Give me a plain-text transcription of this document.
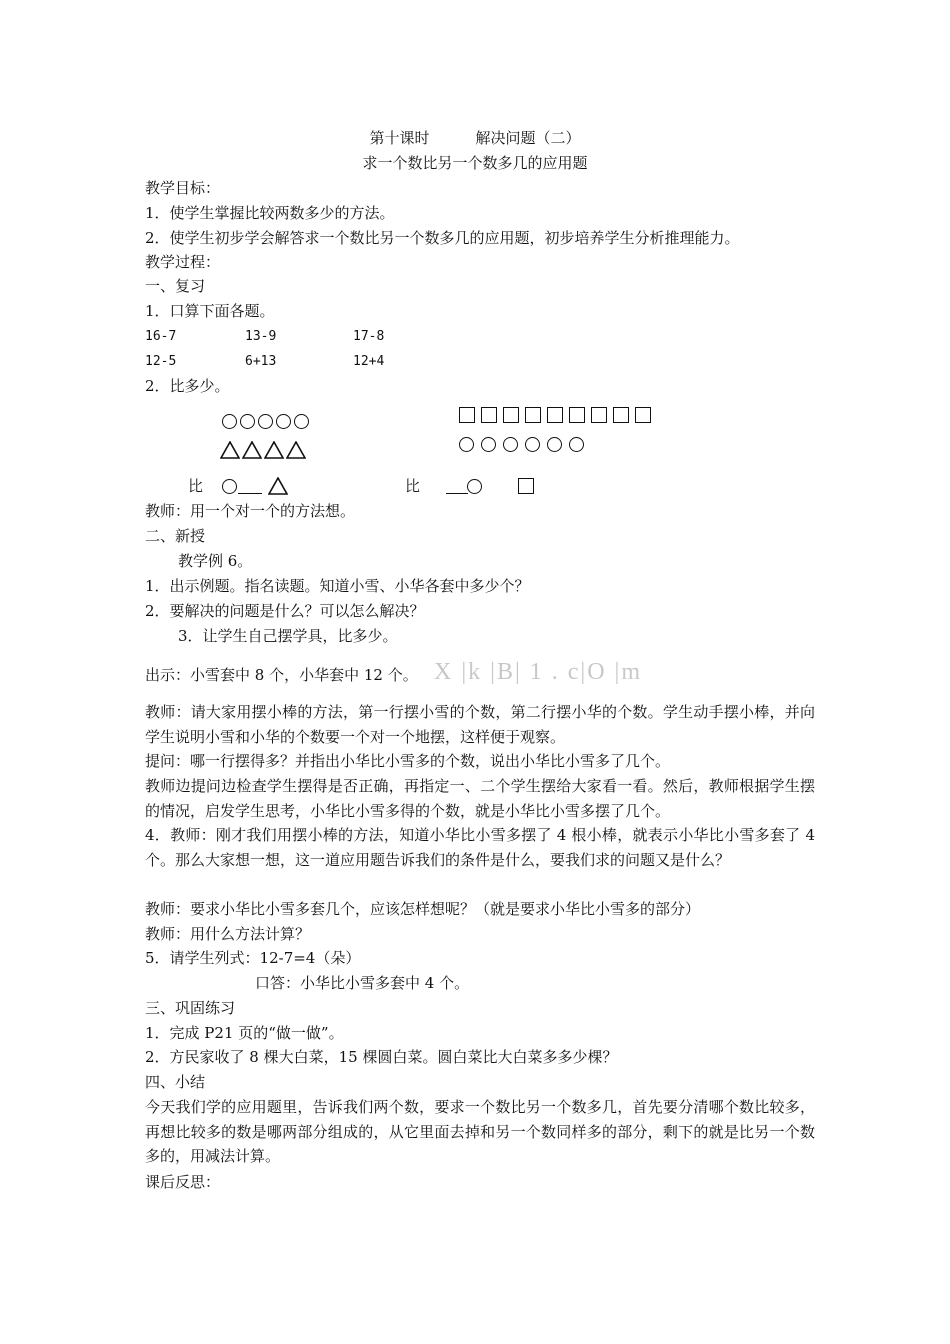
第十课时	解决问题（二）
求一个数比另一个数多几的应用题
教学目标：
1．使学生掌握比较两数多少的方法。
2．使学生初步学会解答求一个数比另一个数多几的应用题，初步培养学生分析推理能力。
教学过程：
一、复习
1．口算下面各题。
16-7	13-9	17-8
12-5	6+13	12+4
2．比多少。
比	比
教师：用一个对一个的方法想。
二、新授
教学例 6。
1．出示例题。指名读题。知道小雪、小华各套中多少个？
2．要解决的问题是什么？可以怎么解决？
3．让学生自己摆学具，比多少。
出示：小雪套中 8 个，小华套中 12 个。 X |k |B| 1 . c|O |m
教师：请大家用摆小棒的方法，第一行摆小雪的个数，第二行摆小华的个数。学生动手摆小棒，并向学生说明小雪和小华的个数要一个对一个地摆，这样便于观察。
提问：哪一行摆得多？并指出小华比小雪多的个数，说出小华比小雪多了几个。
教师边提问边检查学生摆得是否正确，再指定一、二个学生摆给大家看一看。然后，教师根据学生摆的情况，启发学生思考，小华比小雪多得的个数，就是小华比小雪多摆了几个。
4．教师：刚才我们用摆小棒的方法，知道小华比小雪多摆了 4 根小棒，就表示小华比小雪多套了 4 个。那么大家想一想，这一道应用题告诉我们的条件是什么，要我们求的问题又是什么？
教师：要求小华比小雪多套几个，应该怎样想呢？（就是要求小华比小雪多的部分）
教师：用什么方法计算？
5．请学生列式：12-7=4（朵）
口答：小华比小雪多套中 4 个。
三、巩固练习
1．完成 P21 页的“做一做”。
2．方民家收了 8 棵大白菜，15 棵圆白菜。圆白菜比大白菜多多少棵？
四、小结
今天我们学的应用题里，告诉我们两个数，要求一个数比另一个数多几，首先要分清哪个数比较多，再想比较多的数是哪两部分组成的，从它里面去掉和另一个数同样多的部分，剩下的就是比另一个数多的，用减法计算。
课后反思：
